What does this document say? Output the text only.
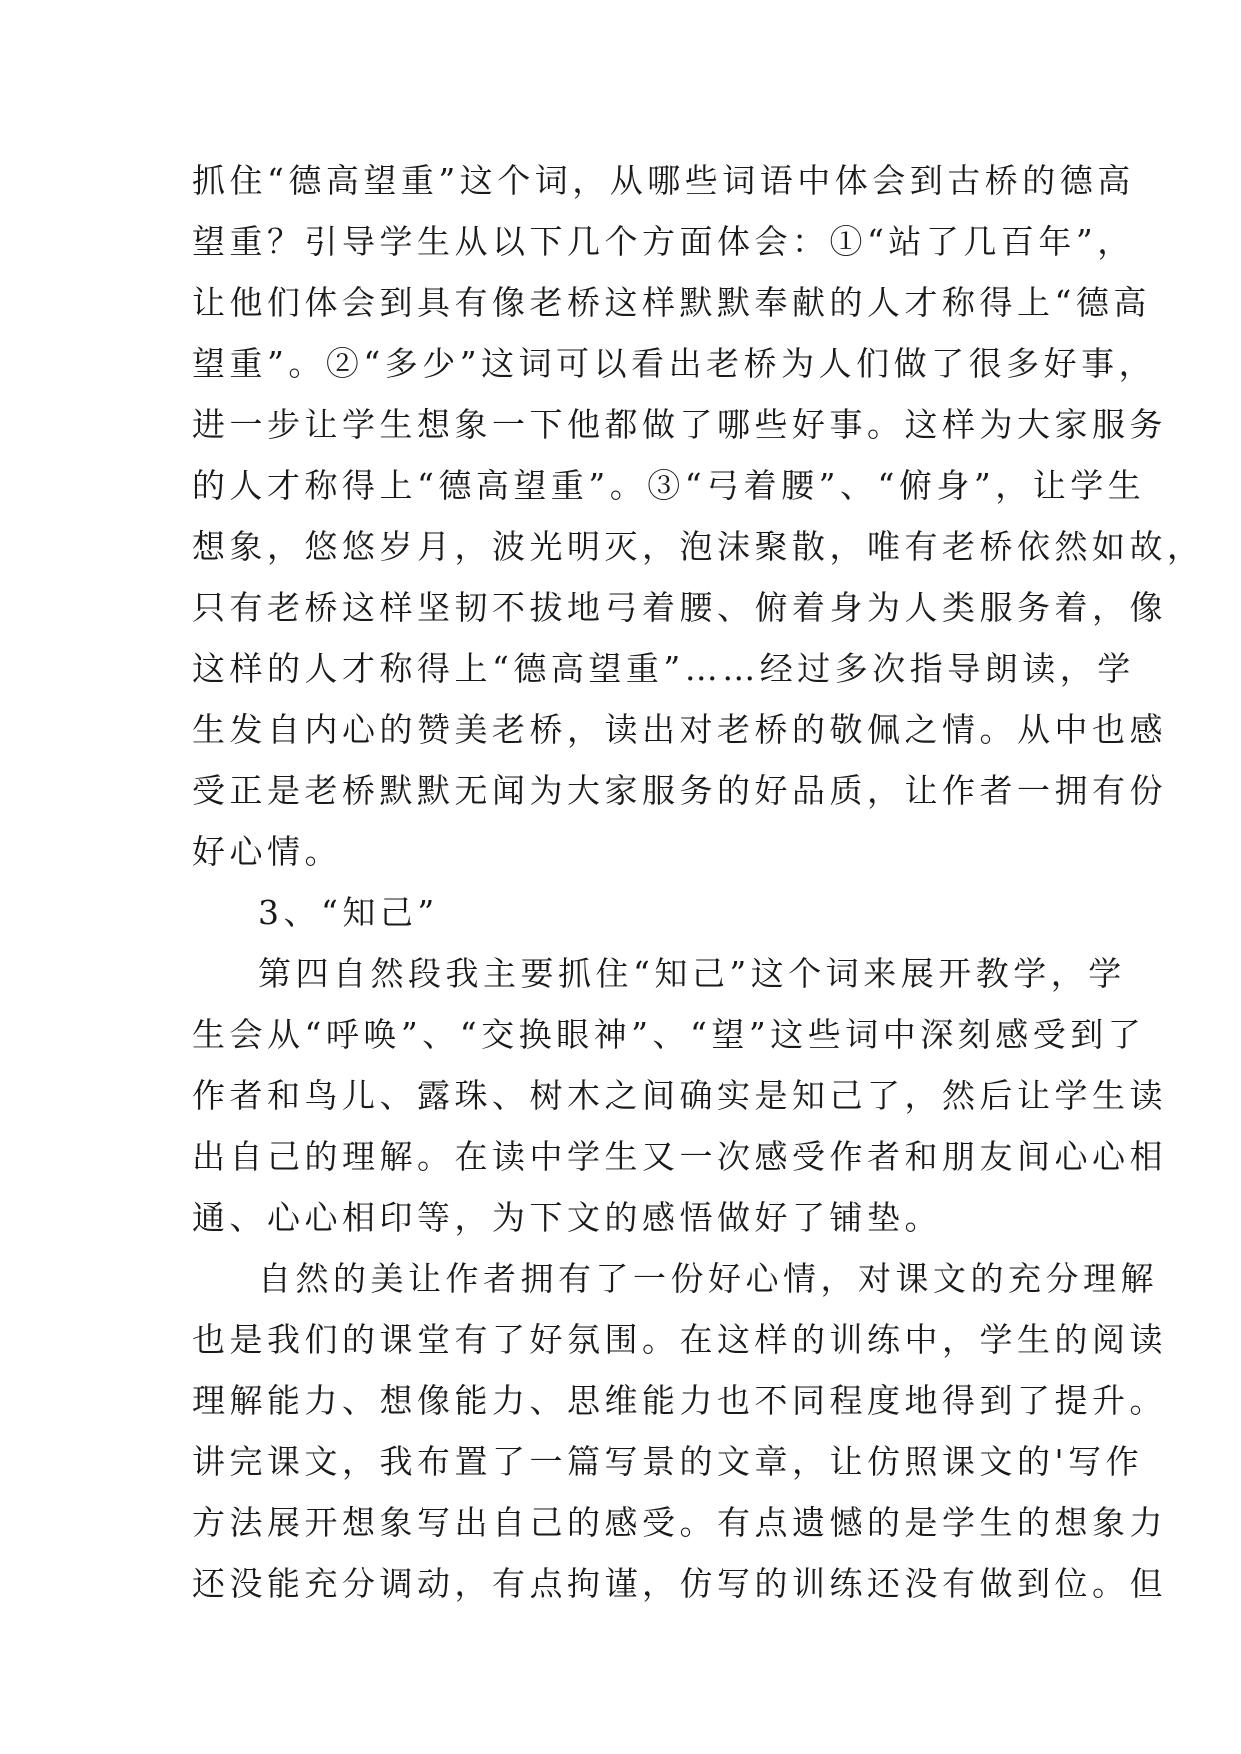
抓住“德高望重”这个词，从哪些词语中体会到古桥的德高
望重？引导学生从以下几个方面体会：①“站了几百年”，
让他们体会到具有像老桥这样默默奉献的人才称得上“德高
望重”。②“多少”这词可以看出老桥为人们做了很多好事，
进一步让学生想象一下他都做了哪些好事。这样为大家服务
的人才称得上“德高望重”。③“弓着腰”、“俯身”，让学生
想象，悠悠岁月，波光明灭，泡沫聚散，唯有老桥依然如故，
只有老桥这样坚韧不拔地弓着腰、俯着身为人类服务着，像
这样的人才称得上“德高望重”……经过多次指导朗读，学
生发自内心的赞美老桥，读出对老桥的敬佩之情。从中也感
受正是老桥默默无闻为大家服务的好品质，让作者一拥有份
好心情。

3、“知己”

第四自然段我主要抓住“知己”这个词来展开教学，学
生会从“呼唤”、“交换眼神”、“望”这些词中深刻感受到了
作者和鸟儿、露珠、树木之间确实是知己了，然后让学生读
出自己的理解。在读中学生又一次感受作者和朋友间心心相
通、心心相印等，为下文的感悟做好了铺垫。

自然的美让作者拥有了一份好心情，对课文的充分理解
也是我们的课堂有了好氛围。在这样的训练中，学生的阅读
理解能力、想像能力、思维能力也不同程度地得到了提升。
讲完课文，我布置了一篇写景的文章，让仿照课文的'写作
方法展开想象写出自己的感受。有点遗憾的是学生的想象力
还没能充分调动，有点拘谨，仿写的训练还没有做到位。但
